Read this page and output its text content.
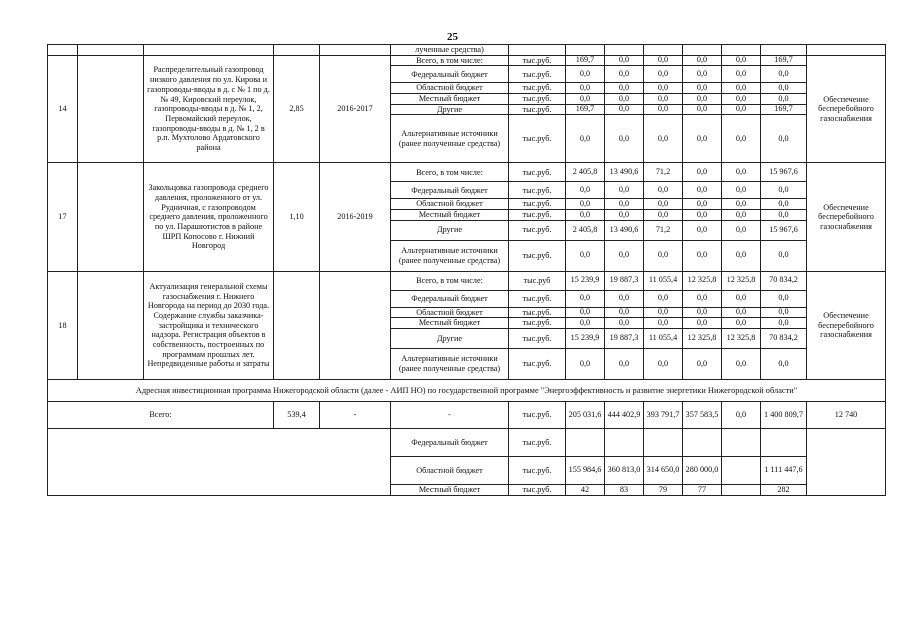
25
					лученные средства)								
14		Распределительный газопровод низкого давления по ул. Кирова и газопроводы-вводы в д. с № 1 по д. № 49, Кировский переулок, газопроводы-вводы в д. № 1, 2, Первомайский переулок, газопроводы-вводы в д. № 1, 2 в р.п. Мухтолово Ардатовского района	2,85	2016-2017	Всего, в том числе:	тыс.руб.	169,7	0,0	0,0	0,0	0,0	169,7	Обеспечение бесперебойного газоснабжения
					Федеральный бюджет	тыс.руб.	0,0	0,0	0,0	0,0	0,0	0,0	
					Областной бюджет	тыс.руб.	0,0	0,0	0,0	0,0	0,0	0,0	
					Местный бюджет	тыс.руб.	0,0	0,0	0,0	0,0	0,0	0,0	
					Другие	тыс.руб.	169,7	0,0	0,0	0,0	0,0	169,7	
					Альтернативные источники (ранее полученные средства)	тыс.руб.	0,0	0,0	0,0	0,0	0,0	0,0	
17		Закольцовка газопровода среднего давления, проложенного от ул. Рудничная, с газопроводом среднего давления, проложенного по ул. Парашютистов в районе ШРП Копосово г. Нижний Новгород	1,10	2016-2019	Всего, в том числе:	тыс.руб.	2 405,8	13 490,6	71,2	0,0	0,0	15 967,6	Обеспечение бесперебойного газоснабжения
					Федеральный бюджет	тыс.руб.	0,0	0,0	0,0	0,0	0,0	0,0	
					Областной бюджет	тыс.руб.	0,0	0,0	0,0	0,0	0,0	0,0	
					Местный бюджет	тыс.руб.	0,0	0,0	0,0	0,0	0,0	0,0	
					Другие	тыс.руб.	2 405,8	13 490,6	71,2	0,0	0,0	15 967,6	
					Альтернативные источники (ранее полученные средства)	тыс.руб.	0,0	0,0	0,0	0,0	0,0	0,0	
18		Актуализация генеральной схемы газоснабжения г. Нижнего Новгорода на период до 2030 года. Содержание службы заказчика-застройщика и технического надзора. Регистрация объектов в собственность, построенных по программам прошлых лет. Непредвиденные работы и затраты			Всего, в том числе:	тыс.руб	15 239,9	19 887,3	11 055,4	12 325,8	12 325,8	70 834,2	Обеспечение бесперебойного газоснабжения
					Федеральный бюджет	тыс.руб.	0,0	0,0	0,0	0,0	0,0	0,0	
					Областной бюджет	тыс.руб.	0,0	0,0	0,0	0,0	0,0	0,0	
					Местный бюджет	тыс.руб.	0,0	0,0	0,0	0,0	0,0	0,0	
					Другие	тыс.руб.	15 239,9	19 887,3	11 055,4	12 325,8	12 325,8	70 834,2	
					Альтернативные источники (ранее полученные средства)	тыс.руб.	0,0	0,0	0,0	0,0	0,0	0,0	
Адресная инвестиционная программа Нижегородской области (далее - АИП НО) по государственной программе "Энергоэффективность и развитие энергетики Нижегородской области"													
Всего:			539,4	-	-	тыс.руб.	205 031,6	444 402,9	393 791,7	357 583,5	0,0	1 400 809,7	12 740
					Федеральный бюджет	тыс.руб.							
					Областной бюджет	тыс.руб.	155 984,6	360 813,0	314 650,0	280 000,0		1 111 447,6	
					Местный бюджет	тыс.руб.	42	83	79	77		282	
